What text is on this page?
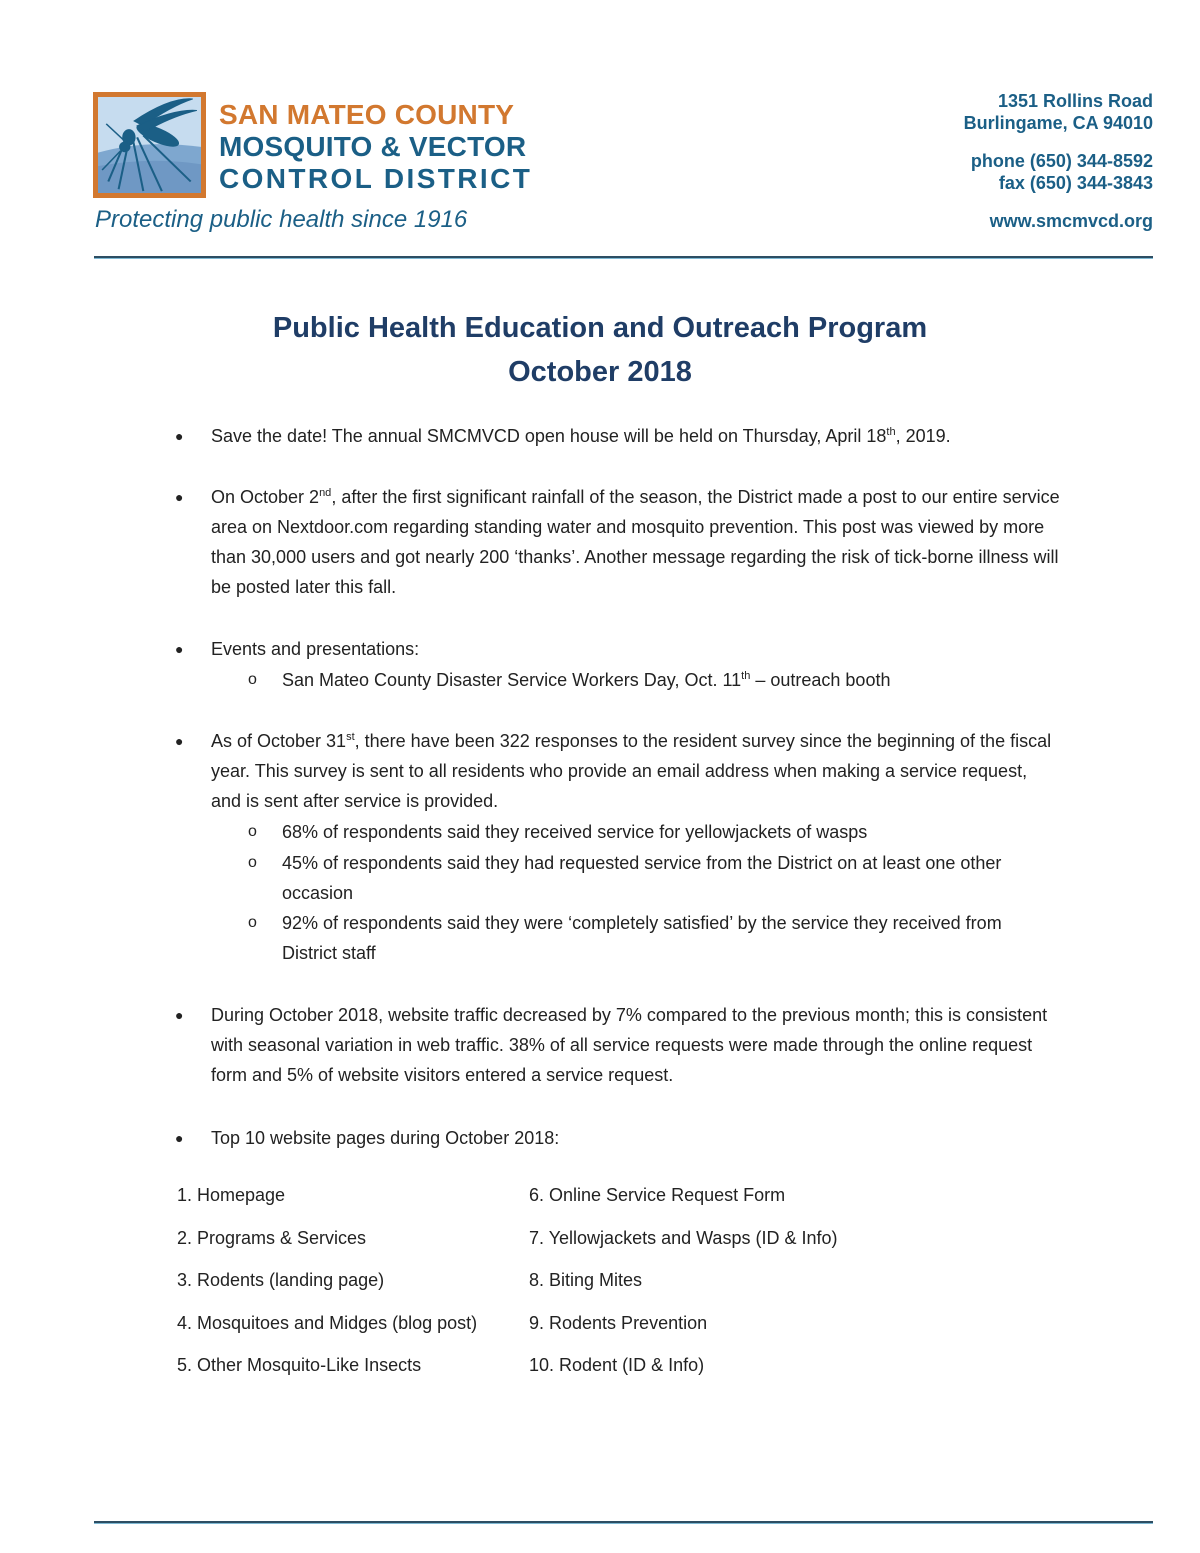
SAN MATEO COUNTY
MOSQUITO & VECTOR
CONTROL DISTRICT
Protecting public health since 1916
1351 Rollins Road
Burlingame, CA 94010
phone (650) 344-8592
fax (650) 344-3843
www.smcmvcd.org
Public Health Education and Outreach Program
October 2018
● Save the date! The annual SMCMVCD open house will be held on Thursday, April 18th, 2019.
● On October 2nd, after the first significant rainfall of the season, the District made a post to our entire service area on Nextdoor.com regarding standing water and mosquito prevention. This post was viewed by more than 30,000 users and got nearly 200 ‘thanks’. Another message regarding the risk of tick-borne illness will be posted later this fall.
● Events and presentations:
o San Mateo County Disaster Service Workers Day, Oct. 11th – outreach booth
● As of October 31st, there have been 322 responses to the resident survey since the beginning of the fiscal year. This survey is sent to all residents who provide an email address when making a service request, and is sent after service is provided.
o 68% of respondents said they received service for yellowjackets of wasps
o 45% of respondents said they had requested service from the District on at least one other occasion
o 92% of respondents said they were ‘completely satisfied’ by the service they received from District staff
● During October 2018, website traffic decreased by 7% compared to the previous month; this is consistent with seasonal variation in web traffic. 38% of all service requests were made through the online request form and 5% of website visitors entered a service request.
● Top 10 website pages during October 2018:
1. Homepage
2. Programs & Services
3. Rodents (landing page)
4. Mosquitoes and Midges (blog post)
5. Other Mosquito-Like Insects
6. Online Service Request Form
7. Yellowjackets and Wasps (ID & Info)
8. Biting Mites
9. Rodents Prevention
10. Rodent (ID & Info)
